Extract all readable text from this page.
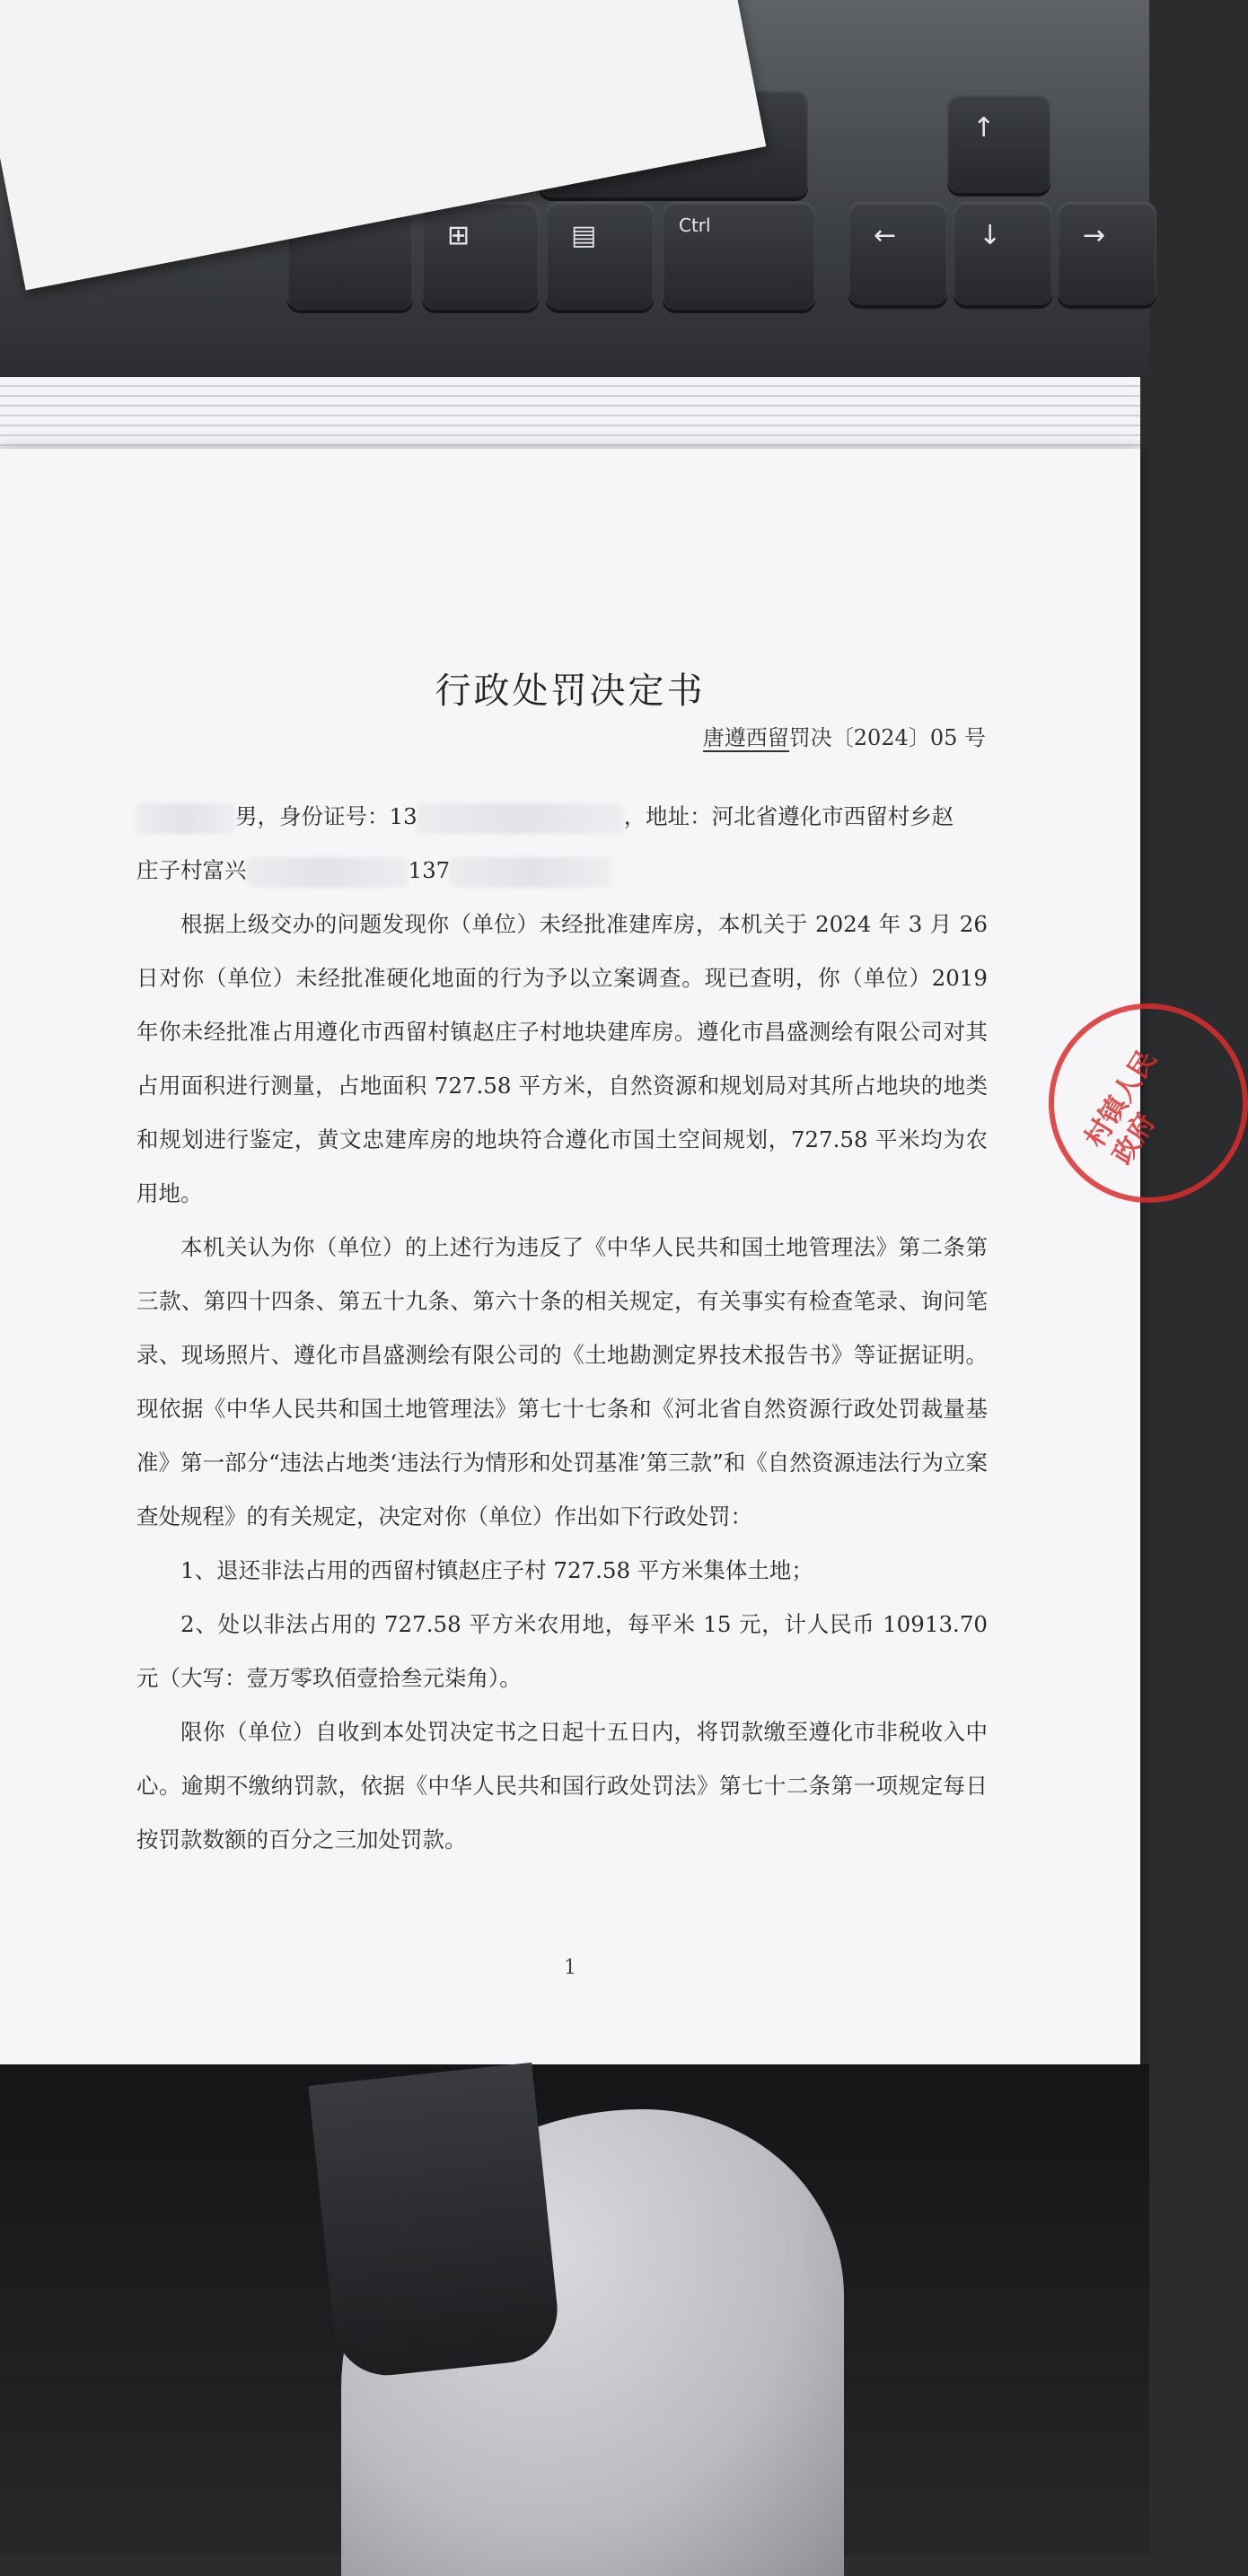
⊞	▤	Ctrl
↑
←	↓	→
行政处罚决定书
唐遵西留罚决〔2024〕05 号

男，身份证号：13	，地址：河北省遵化市西留村乡赵
庄子村富兴	137

根据上级交办的问题发现你（单位）未经批准建库房，本机关于 2024 年 3 月 26 日对你（单位）未经批准硬化地面的行为予以立案调查。现已查明，你（单位）2019 年你未经批准占用遵化市西留村镇赵庄子村地块建库房。遵化市昌盛测绘有限公司对其占用面积进行测量，占地面积 727.58 平方米，自然资源和规划局对其所占地块的地类和规划进行鉴定，黄文忠建库房的地块符合遵化市国土空间规划，727.58 平米均为农用地。

本机关认为你（单位）的上述行为违反了《中华人民共和国土地管理法》第二条第三款、第四十四条、第五十九条、第六十条的相关规定，有关事实有检查笔录、询问笔录、现场照片、遵化市昌盛测绘有限公司的《土地勘测定界技术报告书》等证据证明。现依据《中华人民共和国土地管理法》第七十七条和《河北省自然资源行政处罚裁量基准》第一部分“违法占地类‘违法行为情形和处罚基准’第三款”和《自然资源违法行为立案查处规程》的有关规定，决定对你（单位）作出如下行政处罚：

1、退还非法占用的西留村镇赵庄子村 727.58 平方米集体土地；

2、处以非法占用的 727.58 平方米农用地，每平米 15 元，计人民币 10913.70 元（大写：壹万零玖佰壹拾叁元柒角）。

限你（单位）自收到本处罚决定书之日起十五日内，将罚款缴至遵化市非税收入中心。逾期不缴纳罚款，依据《中华人民共和国行政处罚法》第七十二条第一项规定每日按罚款数额的百分之三加处罚款。

1
村镇人民政府
